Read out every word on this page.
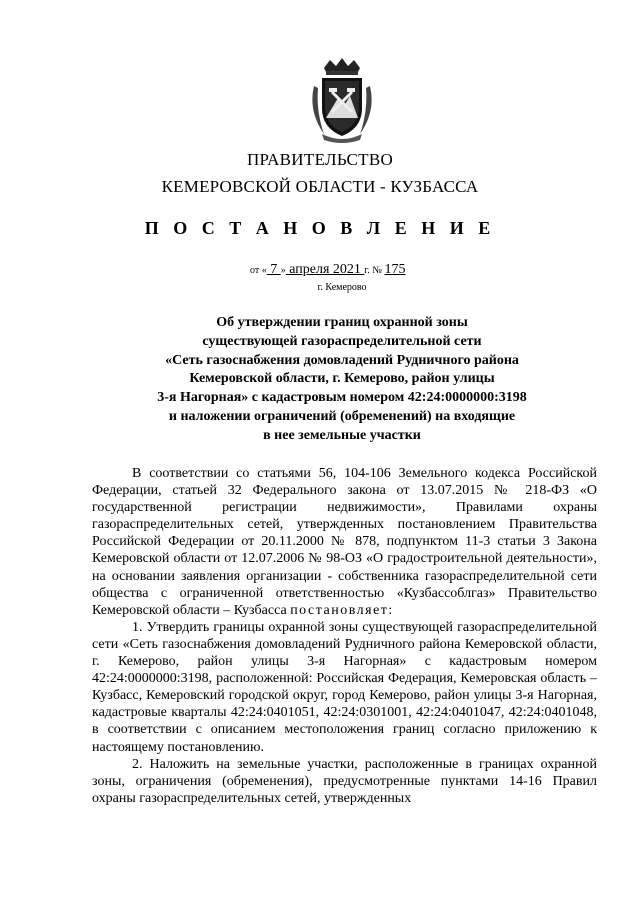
ПРАВИТЕЛЬСТВО
КЕМЕРОВСКОЙ ОБЛАСТИ - КУЗБАССА
П О С Т А Н О В Л Е Н И Е
от « 7 » апреля 2021 г. № 175
г. Кемерово
Об утверждении границ охранной зоны
существующей газораспределительной сети
«Сеть газоснабжения домовладений Рудничного района
Кемеровской области, г. Кемерово, район улицы
3-я Нагорная» с кадастровым номером 42:24:0000000:3198
и наложении ограничений (обременений) на входящие
в нее земельные участки

В соответствии со статьями 56, 104-106 Земельного кодекса Российской Федерации, статьей 32 Федерального закона от 13.07.2015 № 218-ФЗ «О государственной регистрации недвижимости», Правилами охраны газораспределительных сетей, утвержденных постановлением Правительства Российской Федерации от 20.11.2000 № 878, подпунктом 11-3 статьи 3 Закона Кемеровской области от 12.07.2006 № 98-ОЗ «О градостроительной деятельности», на основании заявления организации - собственника газораспределительной сети общества с ограниченной ответственностью «Кузбассоблгаз» Правительство Кемеровской области – Кузбасса постановляет:

1. Утвердить границы охранной зоны существующей газораспределительной сети «Сеть газоснабжения домовладений Рудничного района Кемеровской области, г. Кемерово, район улицы 3-я Нагорная» с кадастровым номером 42:24:0000000:3198, расположенной: Российская Федерация, Кемеровская область – Кузбасс, Кемеровский городской округ, город Кемерово, район улицы 3-я Нагорная, кадастровые кварталы 42:24:0401051, 42:24:0301001, 42:24:0401047, 42:24:0401048, в соответствии с описанием местоположения границ согласно приложению к настоящему постановлению.

2. Наложить на земельные участки, расположенные в границах охранной зоны, ограничения (обременения), предусмотренные пунктами 14-16 Правил охраны газораспределительных сетей, утвержденных
